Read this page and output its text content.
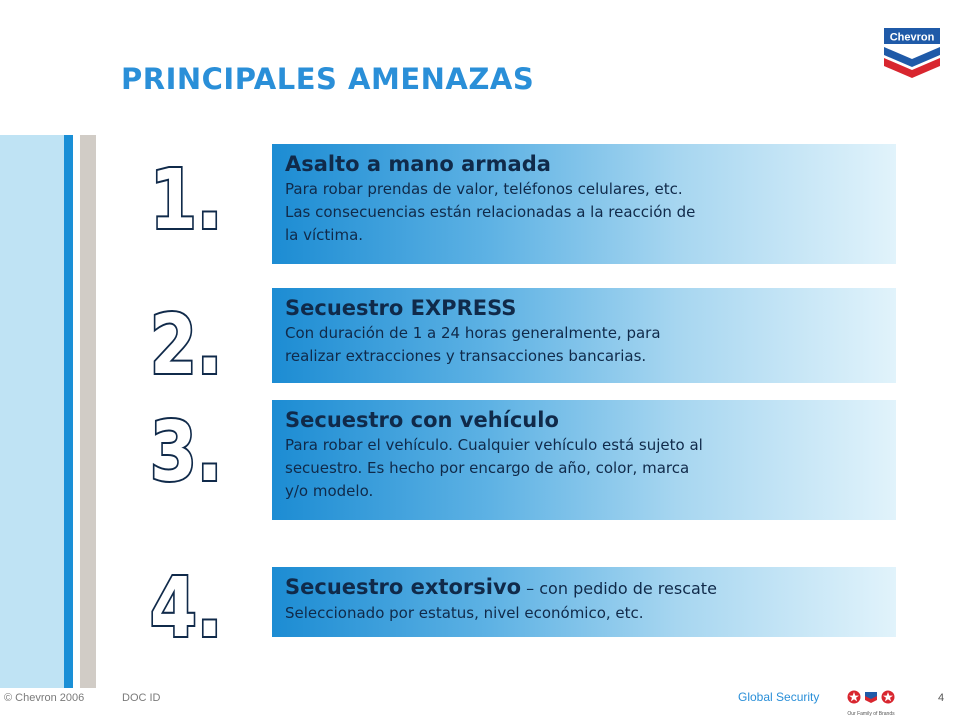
PRINCIPALES AMENAZAS
Chevron
1.
2.
3.
4.
Asalto a mano armada
Para robar prendas de valor, teléfonos celulares, etc.
Las consecuencias están relacionadas a la reacción de
la víctima.
Secuestro EXPRESS
Con duración de 1 a 24 horas generalmente, para
realizar extracciones y transacciones bancarias.
Secuestro con vehículo
Para robar el vehículo. Cualquier vehículo está sujeto al
secuestro. Es hecho por encargo de año, color, marca
y/o modelo.
Secuestro extorsivo – con pedido de rescate
Seleccionado por estatus, nivel económico, etc.
© Chevron 2006	DOC ID	Global Security
Our Family of Brands
4
